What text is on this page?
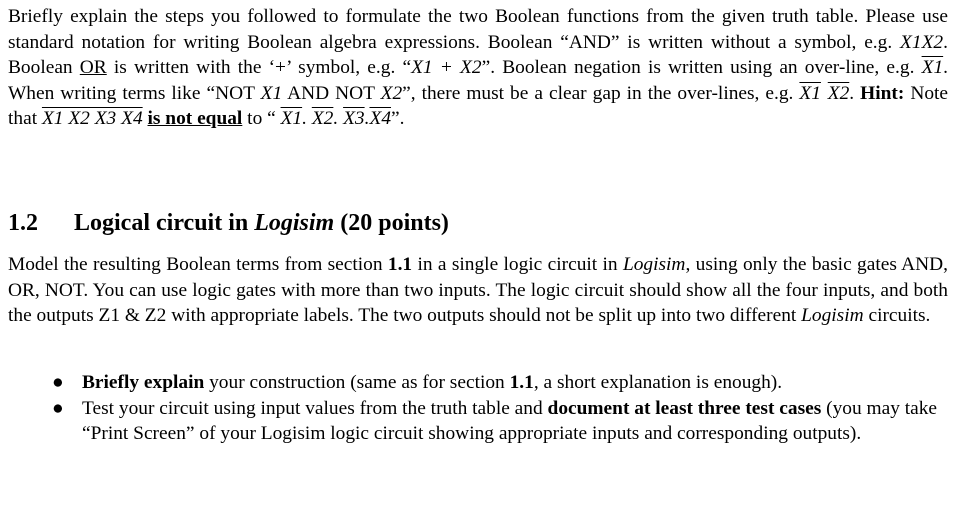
Briefly explain the steps you followed to formulate the two Boolean functions from the given truth table. Please use standard notation for writing Boolean algebra expressions. Boolean “AND” is written without a symbol, e.g. X1X2. Boolean OR is written with the ‘+’ symbol, e.g. “X1 + X2”. Boolean negation is written using an over-line, e.g. X1. When writing terms like “NOT X1 AND NOT X2”, there must be a clear gap in the over-lines, e.g. X1 X2. Hint: Note that X1 X2 X3 X4 is not equal to “ X1. X2. X3.X4”.
1.2 Logical circuit in Logisim (20 points)
Model the resulting Boolean terms from section 1.1 in a single logic circuit in Logisim, using only the basic gates AND, OR, NOT. You can use logic gates with more than two inputs. The logic circuit should show all the four inputs, and both the outputs Z1 & Z2 with appropriate labels. The two outputs should not be split up into two different Logisim circuits.
● Briefly explain your construction (same as for section 1.1, a short explanation is enough).
● Test your circuit using input values from the truth table and document at least three test cases (you may take “Print Screen” of your Logisim logic circuit showing appropriate inputs and corresponding outputs).
